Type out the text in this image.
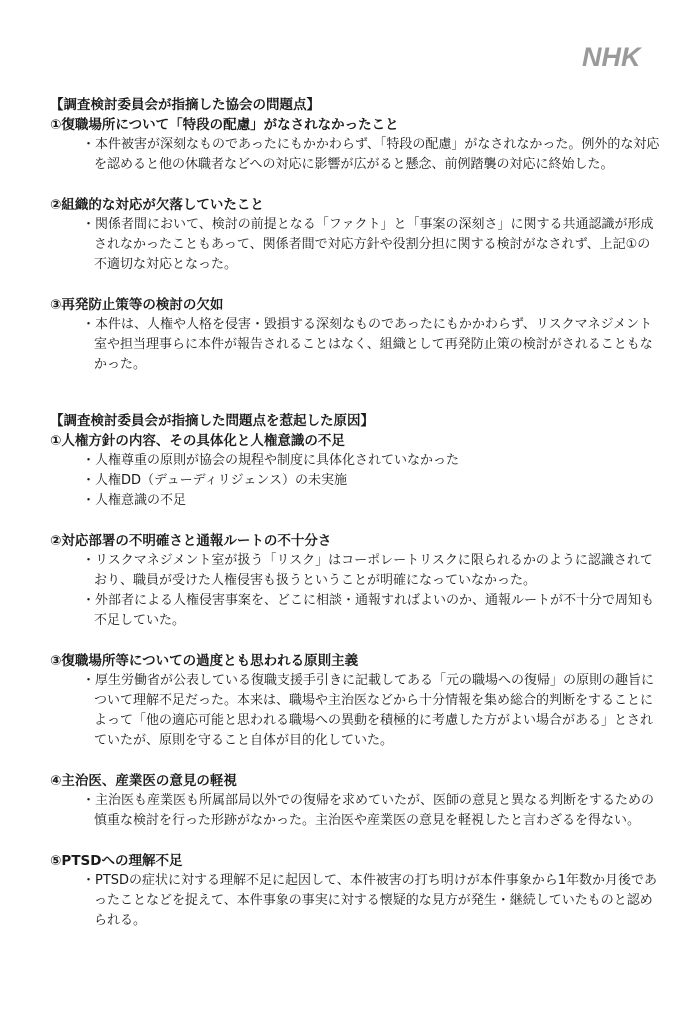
NHK

【調査検討委員会が指摘した協会の問題点】

①復職場所について「特段の配慮」がなされなかったこと

・本件被害が深刻なものであったにもかかわらず、「特段の配慮」がなされなかった。例外的な対応を認めると他の休職者などへの対応に影響が広がると懸念、前例踏襲の対応に終始した。

②組織的な対応が欠落していたこと

・関係者間において、検討の前提となる「ファクト」と「事案の深刻さ」に関する共通認識が形成されなかったこともあって、関係者間で対応方針や役割分担に関する検討がなされず、上記①の不適切な対応となった。

③再発防止策等の検討の欠如

・本件は、人権や人格を侵害・毀損する深刻なものであったにもかかわらず、リスクマネジメント室や担当理事らに本件が報告されることはなく、組織として再発防止策の検討がされることもなかった。

【調査検討委員会が指摘した問題点を惹起した原因】

①人権方針の内容、その具体化と人権意識の不足

・人権尊重の原則が協会の規程や制度に具体化されていなかった

・人権DD（デューディリジェンス）の未実施

・人権意識の不足

②対応部署の不明確さと通報ルートの不十分さ

・リスクマネジメント室が扱う「リスク」はコーポレートリスクに限られるかのように認識されており、職員が受けた人権侵害も扱うということが明確になっていなかった。

・外部者による人権侵害事案を、どこに相談・通報すればよいのか、通報ルートが不十分で周知も不足していた。

③復職場所等についての過度とも思われる原則主義

・厚生労働省が公表している復職支援手引きに記載してある「元の職場への復帰」の原則の趣旨について理解不足だった。本来は、職場や主治医などから十分情報を集め総合的判断をすることによって「他の適応可能と思われる職場への異動を積極的に考慮した方がよい場合がある」とされていたが、原則を守ること自体が目的化していた。

④主治医、産業医の意見の軽視

・主治医も産業医も所属部局以外での復帰を求めていたが、医師の意見と異なる判断をするための慎重な検討を行った形跡がなかった。主治医や産業医の意見を軽視したと言わざるを得ない。

⑤PTSDへの理解不足

・PTSDの症状に対する理解不足に起因して、本件被害の打ち明けが本件事象から1年数か月後であったことなどを捉えて、本件事象の事実に対する懐疑的な見方が発生・継続していたものと認められる。
